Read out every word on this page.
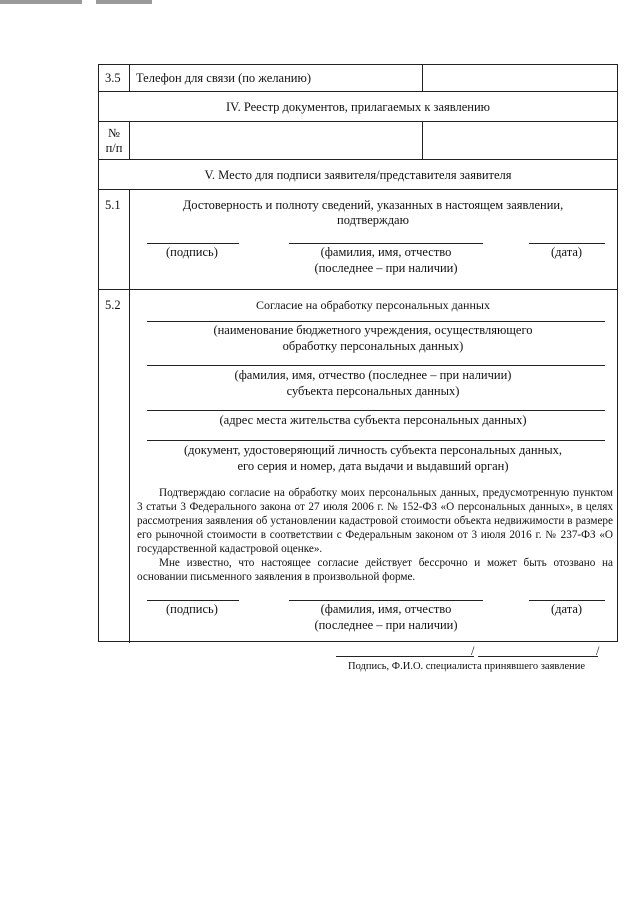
3.5 Телефон для связи (по желанию)
IV. Реестр документов, прилагаемых к заявлению
№
п/п
V. Место для подписи заявителя/представителя заявителя
5.1	Достоверность и полноту сведений, указанных в настоящем заявлении,
подтверждаю
(подпись)	(фамилия, имя, отчество
(последнее – при наличии)
(дата)
5.2	Согласие на обработку персональных данных
(наименование бюджетного учреждения, осуществляющего
обработку персональных данных)
(фамилия, имя, отчество (последнее – при наличии)
субъекта персональных данных)
(адрес места жительства субъекта персональных данных)
(документ, удостоверяющий личность субъекта персональных данных,
его серия и номер, дата выдачи и выдавший орган)
Подтверждаю согласие на обработку моих персональных данных, предусмотренную пунктом 3 статьи 3 Федерального закона от 27 июля 2006 г. № 152-ФЗ «О персональных данных», в целях рассмотрения заявления об установлении кадастровой стоимости объекта недвижимости в размере его рыночной стоимости в соответствии с Федеральным законом от 3 июля 2016 г. № 237-ФЗ «О государственной кадастровой оценке».
Мне известно, что настоящее согласие действует бессрочно и может быть отозвано на основании письменного заявления в произвольной форме.
(подпись)	(фамилия, имя, отчество
(последнее – при наличии)
(дата)
/	/
Подпись, Ф.И.О. специалиста принявшего заявление
